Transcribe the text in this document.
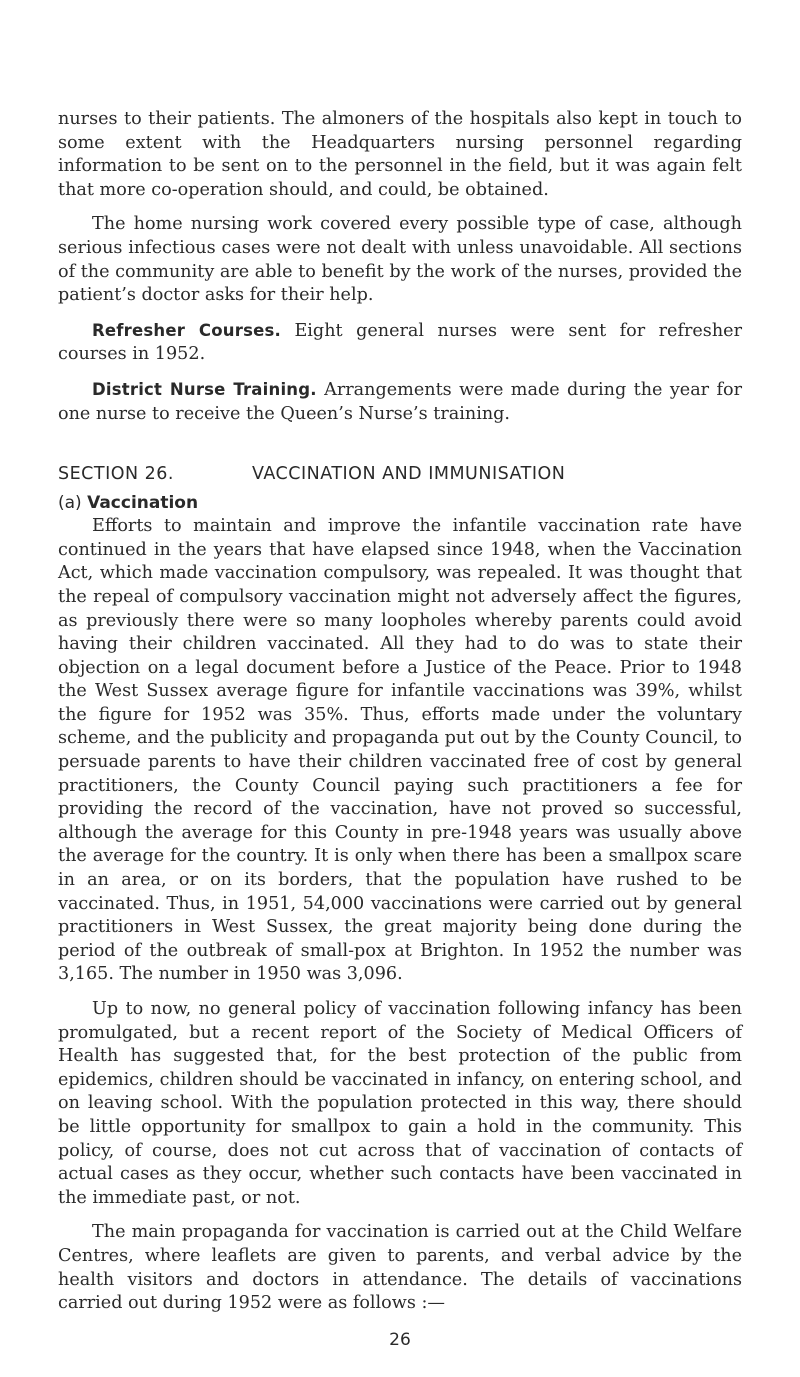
nurses to their patients. The almoners of the hospitals also kept in touch to some extent with the Headquarters nursing personnel regarding information to be sent on to the personnel in the field, but it was again felt that more co-operation should, and could, be obtained.

The home nursing work covered every possible type of case, although serious infectious cases were not dealt with unless unavoidable. All sections of the community are able to benefit by the work of the nurses, provided the patient’s doctor asks for their help.

Refresher Courses. Eight general nurses were sent for refresher courses in 1952.

District Nurse Training. Arrangements were made during the year for one nurse to receive the Queen’s Nurse’s training.

SECTION 26.	VACCINATION AND IMMUNISATION
(a) Vaccination

Efforts to maintain and improve the infantile vaccination rate have continued in the years that have elapsed since 1948, when the Vaccination Act, which made vaccination compulsory, was repealed. It was thought that the repeal of compulsory vaccination might not adversely affect the figures, as previously there were so many loopholes whereby parents could avoid having their children vaccinated. All they had to do was to state their objection on a legal document before a Justice of the Peace. Prior to 1948 the West Sussex average figure for infantile vaccinations was 39%, whilst the figure for 1952 was 35%. Thus, efforts made under the voluntary scheme, and the publicity and propaganda put out by the County Council, to persuade parents to have their children vaccinated free of cost by general practitioners, the County Council paying such practitioners a fee for providing the record of the vaccination, have not proved so successful, although the average for this County in pre-1948 years was usually above the average for the country. It is only when there has been a smallpox scare in an area, or on its borders, that the population have rushed to be vaccinated. Thus, in 1951, 54,000 vaccinations were carried out by general practitioners in West Sussex, the great majority being done during the period of the outbreak of small-pox at Brighton. In 1952 the number was 3,165. The number in 1950 was 3,096.

Up to now, no general policy of vaccination following infancy has been promulgated, but a recent report of the Society of Medical Officers of Health has suggested that, for the best protection of the public from epidemics, children should be vaccinated in infancy, on entering school, and on leaving school. With the population protected in this way, there should be little opportunity for smallpox to gain a hold in the community. This policy, of course, does not cut across that of vaccination of contacts of actual cases as they occur, whether such contacts have been vaccinated in the immediate past, or not.

The main propaganda for vaccination is carried out at the Child Welfare Centres, where leaflets are given to parents, and verbal advice by the health visitors and doctors in attendance. The details of vaccinations carried out during 1952 were as follows :—

26
